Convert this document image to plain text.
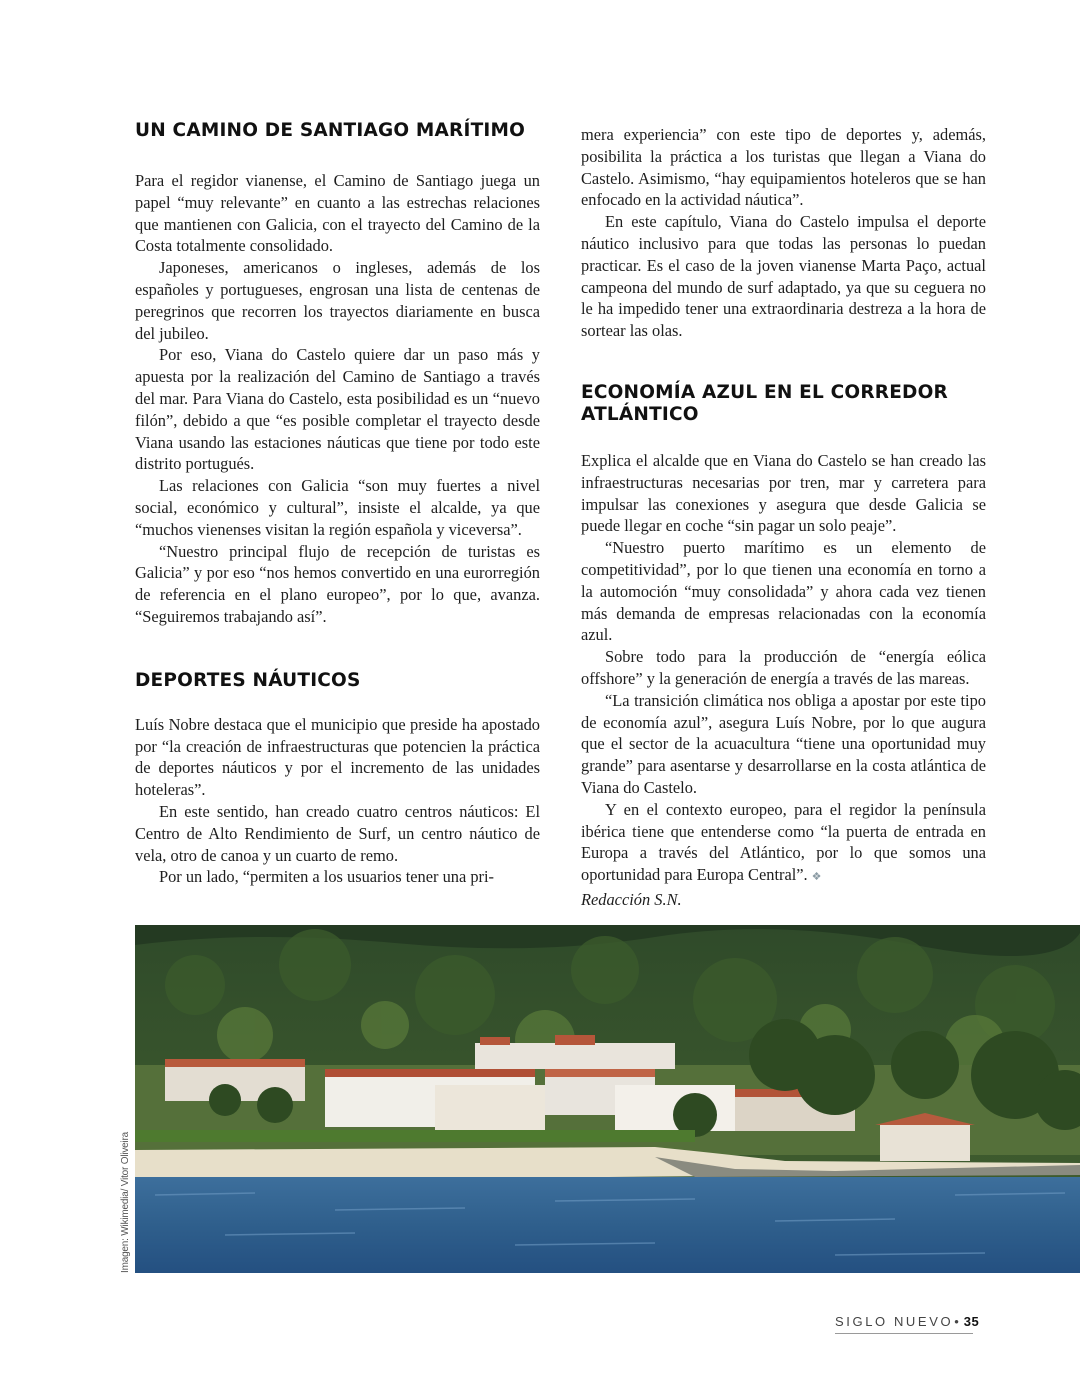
UN CAMINO DE SANTIAGO MARÍTIMO

Para el regidor vianense, el Camino de Santiago juega un papel “muy relevante” en cuanto a las estrechas relaciones que mantienen con Galicia, con el trayecto del Camino de la Costa totalmente consolidado.

Japoneses, americanos o ingleses, además de los españoles y portugueses, engrosan una lista de centenas de peregrinos que recorren los trayectos diariamente en busca del jubileo.

Por eso, Viana do Castelo quiere dar un paso más y apuesta por la realización del Camino de Santiago a través del mar. Para Viana do Castelo, esta posibilidad es un “nuevo filón”, debido a que “es posible completar el trayecto desde Viana usando las estaciones náuticas que tiene por todo este distrito portugués.

Las relaciones con Galicia “son muy fuertes a nivel social, económico y cultural”, insiste el alcalde, ya que “muchos vienenses visitan la región española y viceversa”.

“Nuestro principal flujo de recepción de turistas es Galicia” y por eso “nos hemos convertido en una eurorregión de referencia en el plano europeo”, por lo que, avanza. “Seguiremos trabajando así”.

DEPORTES NÁUTICOS

Luís Nobre destaca que el municipio que preside ha apostado por “la creación de infraestructuras que potencien la práctica de deportes náuticos y por el incremento de las unidades hoteleras”.

En este sentido, han creado cuatro centros náuticos: El Centro de Alto Rendimiento de Surf, un centro náutico de vela, otro de canoa y un cuarto de remo.

Por un lado, “permiten a los usuarios tener una pri-

mera experiencia” con este tipo de deportes y, además, posibilita la práctica a los turistas que llegan a Viana do Castelo. Asimismo, “hay equipamientos hoteleros que se han enfocado en la actividad náutica”.

En este capítulo, Viana do Castelo impulsa el deporte náutico inclusivo para que todas las personas lo puedan practicar. Es el caso de la joven vianense Marta Paço, actual campeona del mundo de surf adaptado, ya que su ceguera no le ha impedido tener una extraordinaria destreza a la hora de sortear las olas.

ECONOMÍA AZUL EN EL CORREDOR ATLÁNTICO

Explica el alcalde que en Viana do Castelo se han creado las infraestructuras necesarias por tren, mar y carretera para impulsar las conexiones y asegura que desde Galicia se puede llegar en coche “sin pagar un solo peaje”.

“Nuestro puerto marítimo es un elemento de competitividad”, por lo que tienen una economía en torno a la automoción “muy consolidada” y ahora cada vez tienen más demanda de empresas relacionadas con la economía azul.

Sobre todo para la producción de “energía eólica offshore” y la generación de energía a través de las mareas.

“La transición climática nos obliga a apostar por este tipo de economía azul”, asegura Luís Nobre, por lo que augura que el sector de la acuacultura “tiene una oportunidad muy grande” para asentarse y desarrollarse en la costa atlántica de Viana do Castelo.

Y en el contexto europeo, para el regidor la península ibérica tiene que entenderse como “la puerta de entrada en Europa a través del Atlántico, por lo que somos una oportunidad para Europa Central”. ❖

Redacción S.N.
Imagen: Wikimedia/ Vitor Oliveira
SIGLO NUEVO• 35
